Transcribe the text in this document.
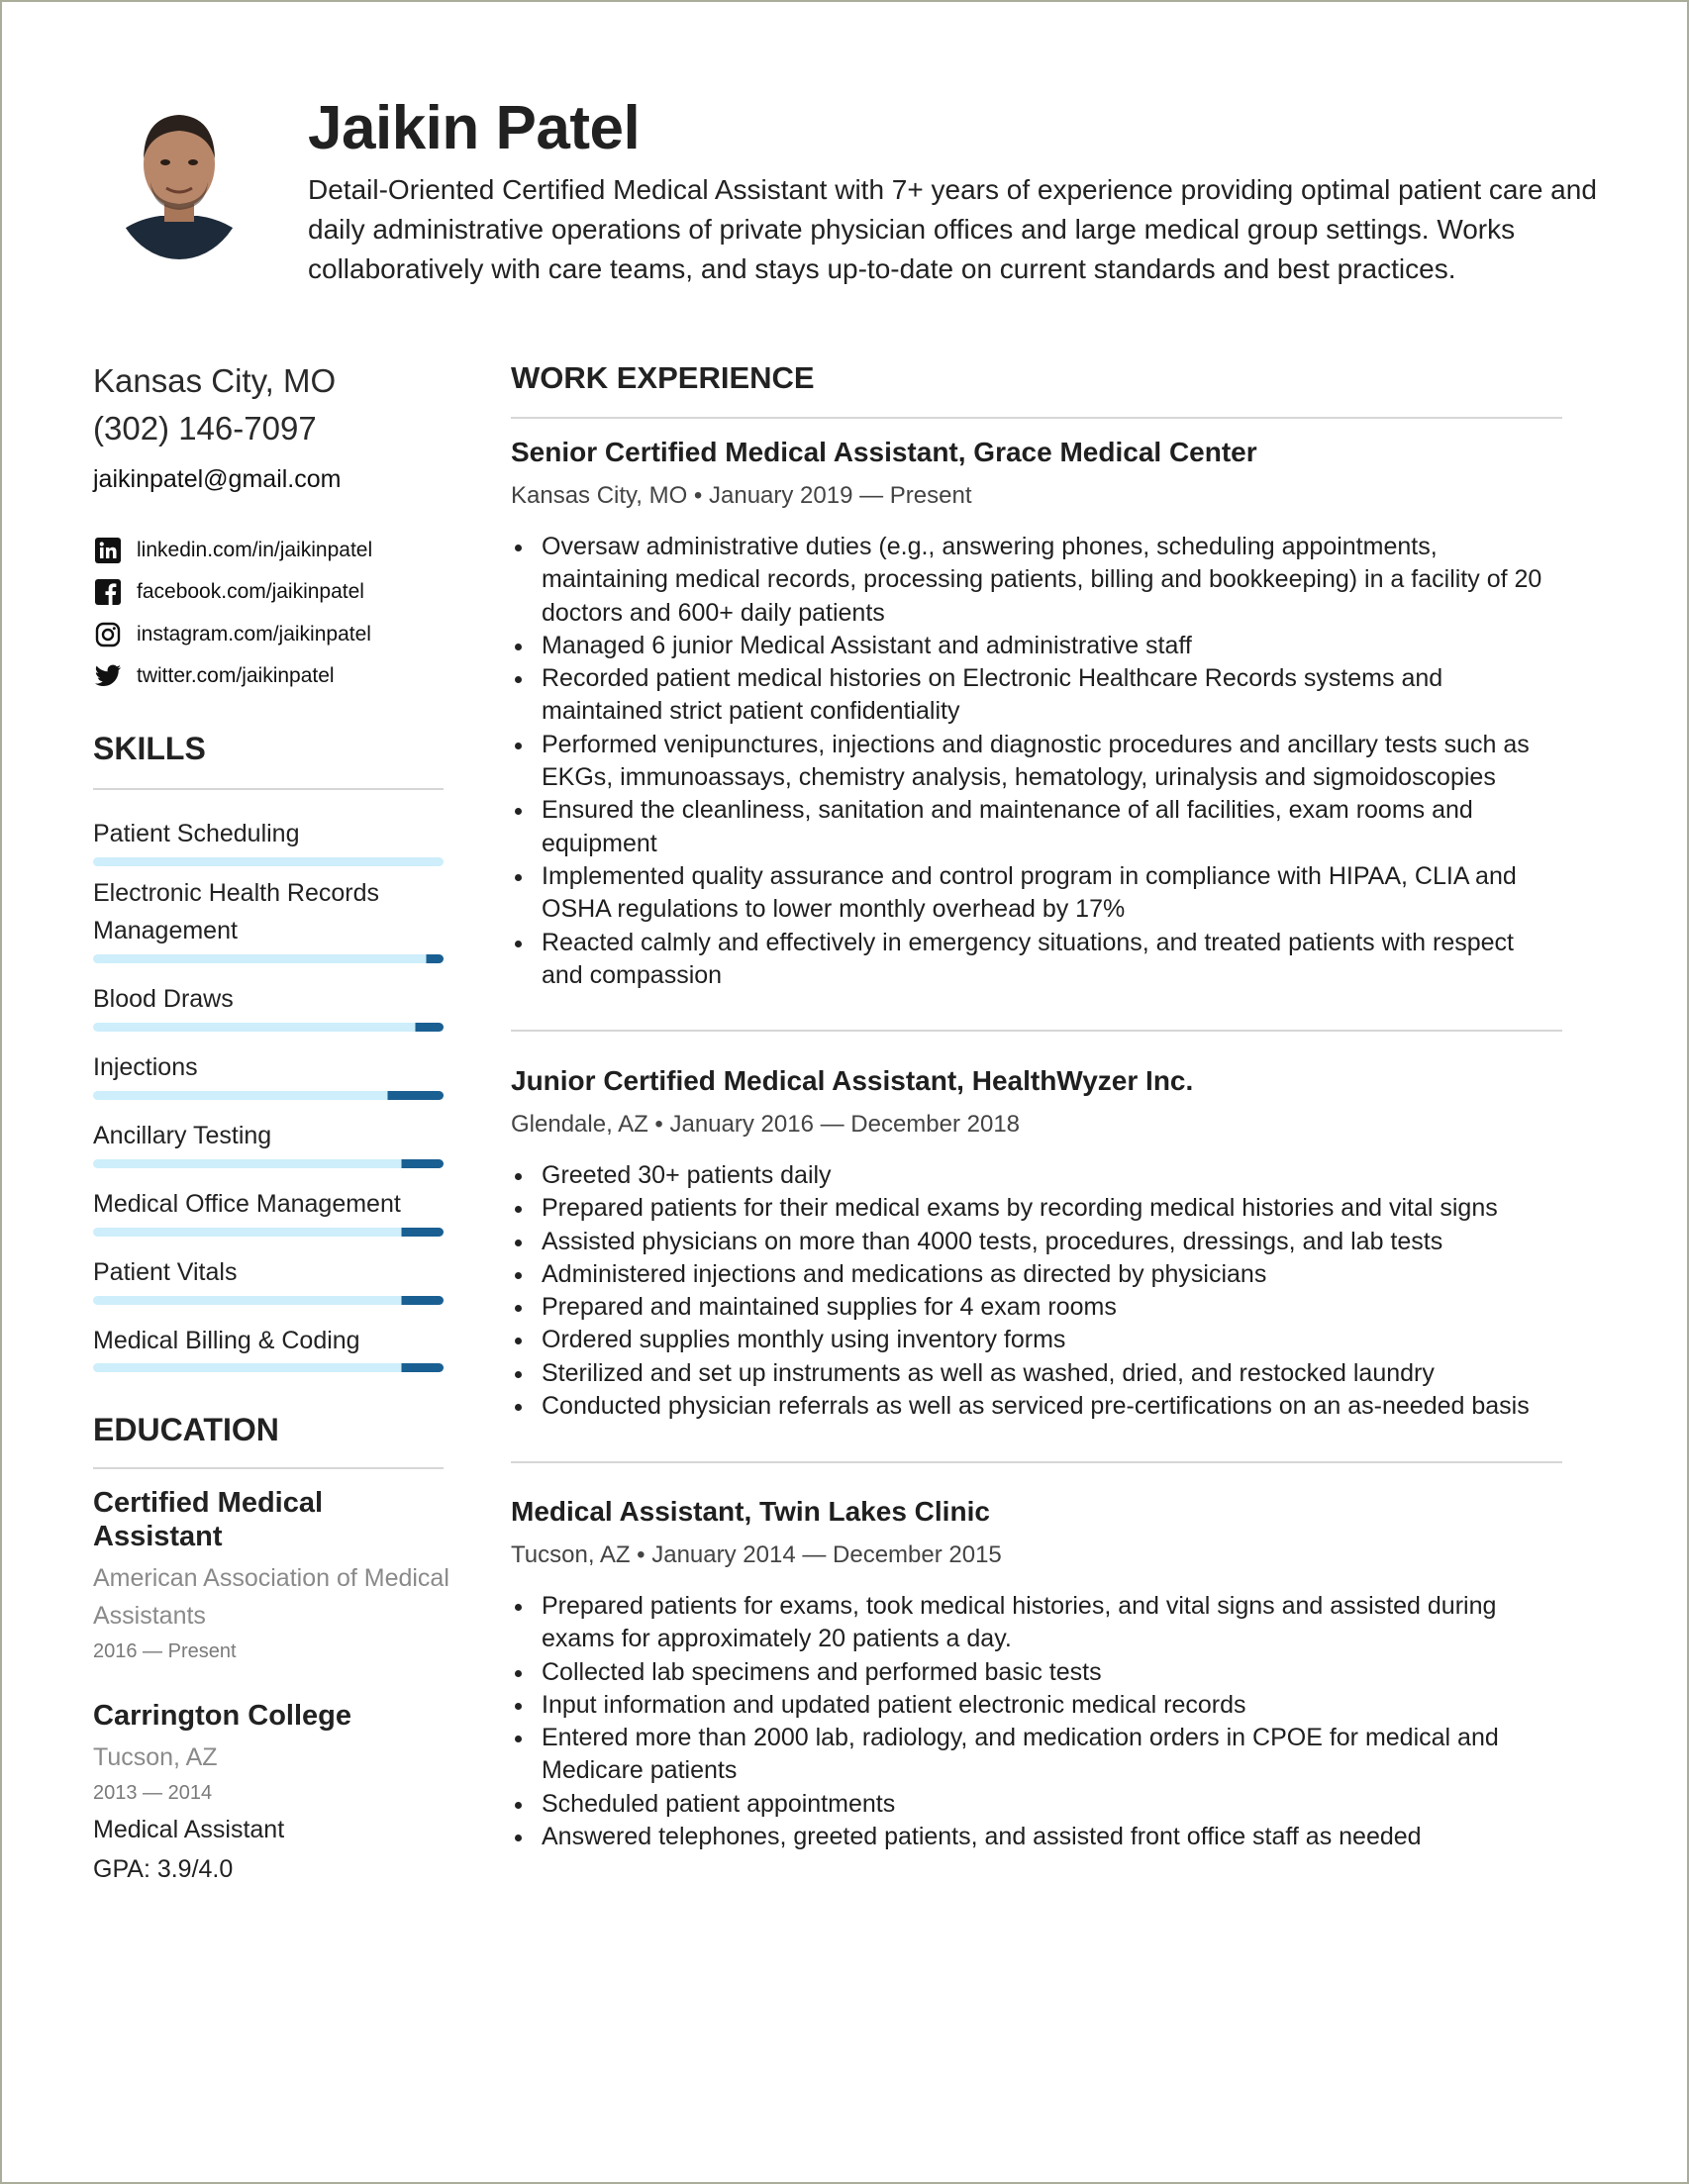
Jaikin Patel
Detail-Oriented Certified Medical Assistant with 7+ years of experience providing optimal patient care and daily administrative operations of private physician offices and large medical group settings. Works collaboratively with care teams, and stays up-to-date on current standards and best practices.
Kansas City, MO
(302) 146-7097
jaikinpatel@gmail.com
linkedin.com/in/jaikinpatel
facebook.com/jaikinpatel
instagram.com/jaikinpatel
twitter.com/jaikinpatel
SKILLS
Patient Scheduling
Electronic Health Records Management
Blood Draws
Injections
Ancillary Testing
Medical Office Management
Patient Vitals
Medical Billing & Coding
EDUCATION
Certified Medical Assistant
American Association of Medical Assistants
2016 — Present
Carrington College
Tucson, AZ
2013 — 2014
Medical Assistant
GPA: 3.9/4.0
WORK EXPERIENCE
Senior Certified Medical Assistant, Grace Medical Center
Kansas City, MO • January 2019 — Present
Oversaw administrative duties (e.g., answering phones, scheduling appointments, maintaining medical records, processing patients, billing and bookkeeping) in a facility of 20 doctors and 600+ daily patients
Managed 6 junior Medical Assistant and administrative staff
Recorded patient medical histories on Electronic Healthcare Records systems and maintained strict patient confidentiality
Performed venipunctures, injections and diagnostic procedures and ancillary tests such as EKGs, immunoassays, chemistry analysis, hematology, urinalysis and sigmoidoscopies
Ensured the cleanliness, sanitation and maintenance of all facilities, exam rooms and equipment
Implemented quality assurance and control program in compliance with HIPAA, CLIA and OSHA regulations to lower monthly overhead by 17%
Reacted calmly and effectively in emergency situations, and treated patients with respect and compassion
Junior Certified Medical Assistant, HealthWyzer Inc.
Glendale, AZ • January 2016 — December 2018
Greeted 30+ patients daily
Prepared patients for their medical exams by recording medical histories and vital signs
Assisted physicians on more than 4000 tests, procedures, dressings, and lab tests
Administered injections and medications as directed by physicians
Prepared and maintained supplies for 4 exam rooms
Ordered supplies monthly using inventory forms
Sterilized and set up instruments as well as washed, dried, and restocked laundry
Conducted physician referrals as well as serviced pre-certifications on an as-needed basis
Medical Assistant, Twin Lakes Clinic
Tucson, AZ • January 2014 — December 2015
Prepared patients for exams, took medical histories, and vital signs and assisted during exams for approximately 20 patients a day.
Collected lab specimens and performed basic tests
Input information and updated patient electronic medical records
Entered more than 2000 lab, radiology, and medication orders in CPOE for medical and Medicare patients
Scheduled patient appointments
Answered telephones, greeted patients, and assisted front office staff as needed
